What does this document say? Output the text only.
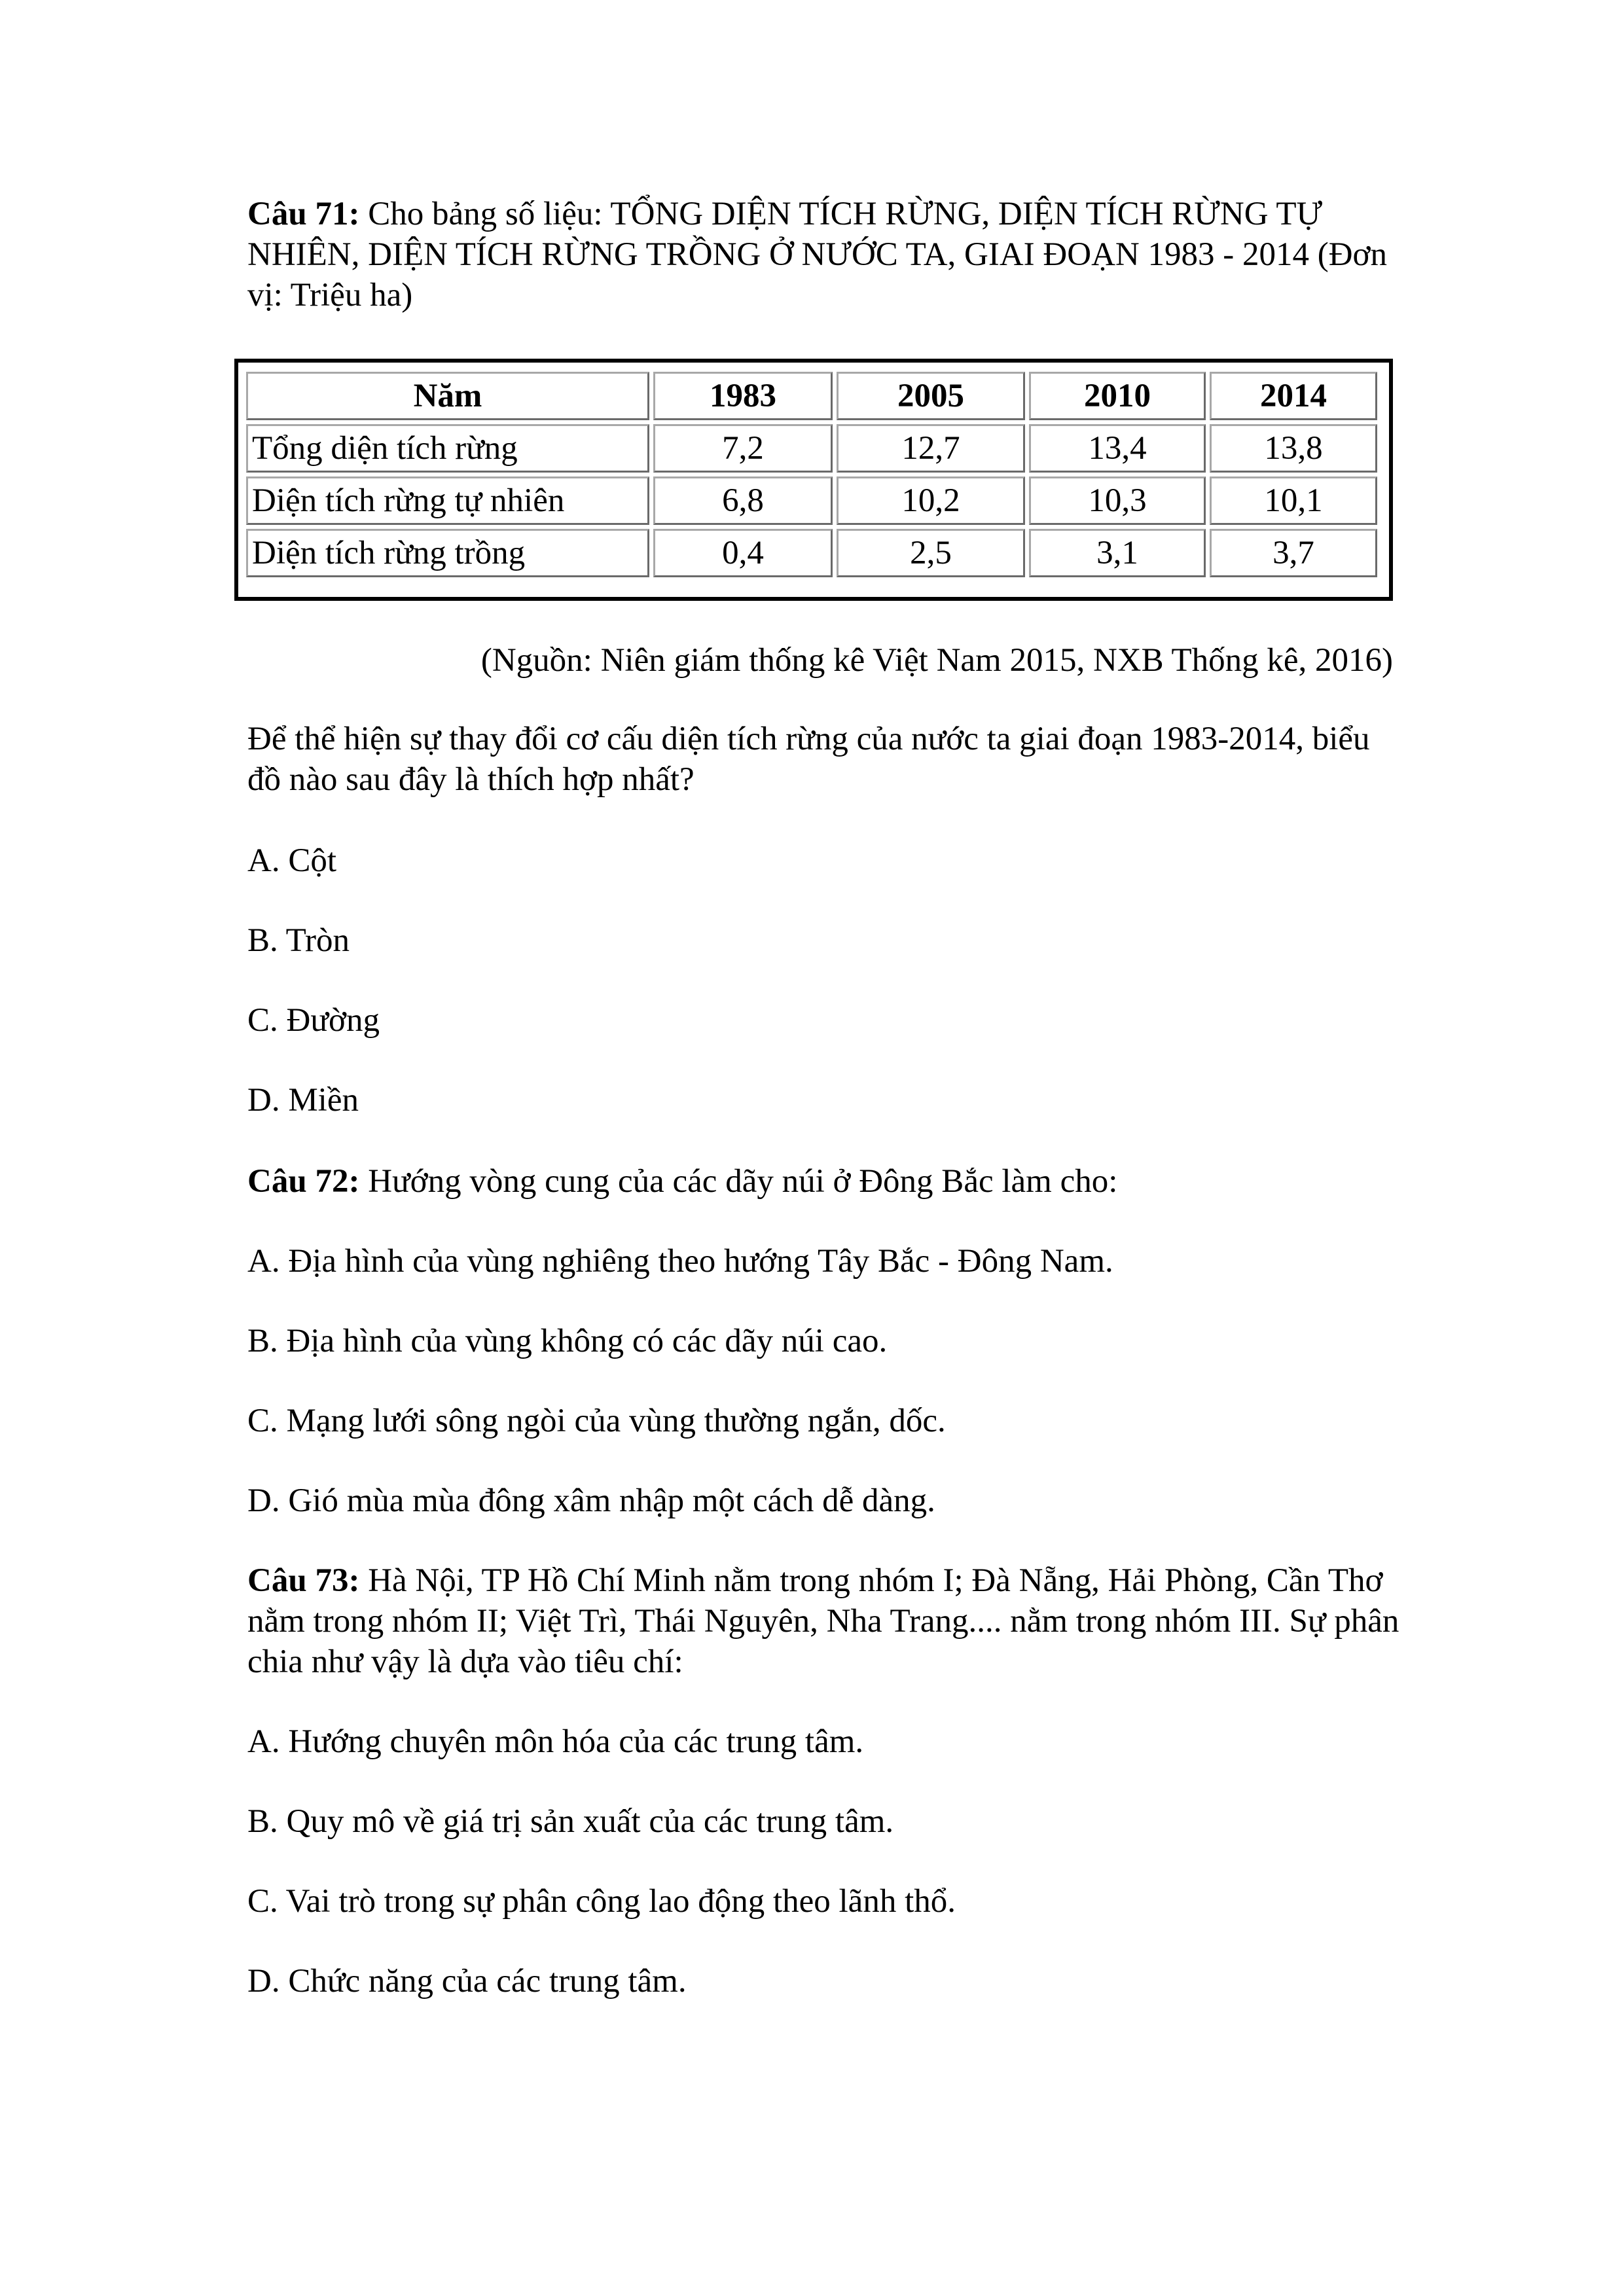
Câu 71: Cho bảng số liệu: TỔNG DIỆN TÍCH RỪNG, DIỆN TÍCH RỪNG TỰ NHIÊN, DIỆN TÍCH RỪNG TRỒNG Ở NƯỚC TA, GIAI ĐOẠN 1983 - 2014 (Đơn vị: Triệu ha)
Năm	1983	2005	2010	2014
Tổng diện tích rừng	7,2	12,7	13,4	13,8
Diện tích rừng tự nhiên	6,8	10,2	10,3	10,1
Diện tích rừng trồng	0,4	2,5	3,1	3,7
(Nguồn: Niên giám thống kê Việt Nam 2015, NXB Thống kê, 2016)
Để thể hiện sự thay đổi cơ cấu diện tích rừng của nước ta giai đoạn 1983-2014, biểu đồ nào sau đây là thích hợp nhất?
A. Cột
B. Tròn
C. Đường
D. Miền
Câu 72: Hướng vòng cung của các dãy núi ở Đông Bắc làm cho:
A. Địa hình của vùng nghiêng theo hướng Tây Bắc - Đông Nam.
B. Địa hình của vùng không có các dãy núi cao.
C. Mạng lưới sông ngòi của vùng thường ngắn, dốc.
D. Gió mùa mùa đông xâm nhập một cách dễ dàng.
Câu 73: Hà Nội, TP Hồ Chí Minh nằm trong nhóm I; Đà Nẵng, Hải Phòng, Cần Thơ nằm trong nhóm II; Việt Trì, Thái Nguyên, Nha Trang.... nằm trong nhóm III. Sự phân chia như vậy là dựa vào tiêu chí:
A. Hướng chuyên môn hóa của các trung tâm.
B. Quy mô về giá trị sản xuất của các trung tâm.
C. Vai trò trong sự phân công lao động theo lãnh thổ.
D. Chức năng của các trung tâm.
